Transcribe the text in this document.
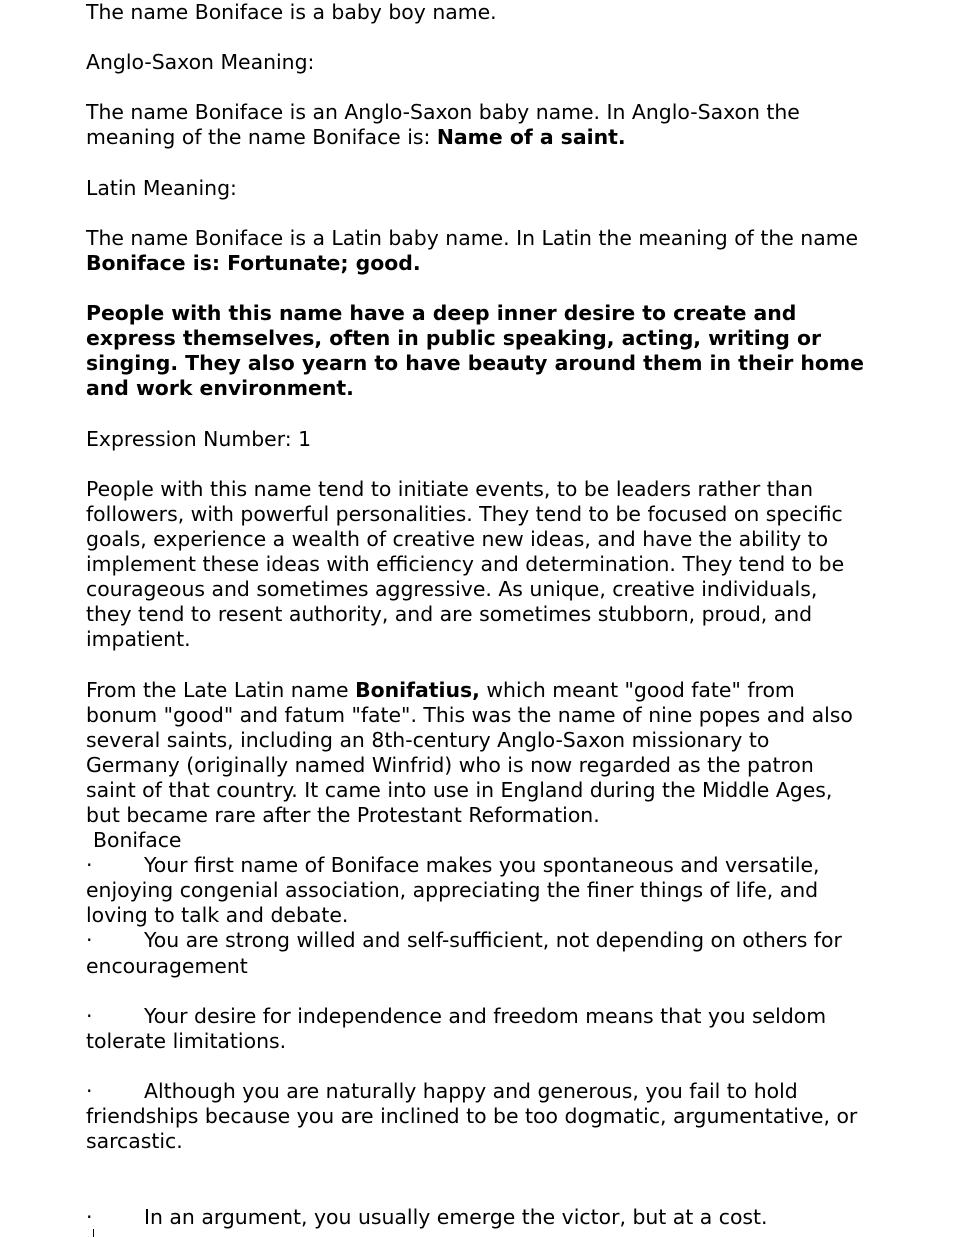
The name Boniface is a baby boy name.

Anglo-Saxon Meaning:

The name Boniface is an Anglo-Saxon baby name. In Anglo-Saxon the meaning of the name Boniface is: Name of a saint.

Latin Meaning:

The name Boniface is a Latin baby name. In Latin the meaning of the name Boniface is: Fortunate; good.

People with this name have a deep inner desire to create and express themselves, often in public speaking, acting, writing or singing. They also yearn to have beauty around them in their home and work environment.

Expression Number: 1

People with this name tend to initiate events, to be leaders rather than followers, with powerful personalities. They tend to be focused on specific goals, experience a wealth of creative new ideas, and have the ability to implement these ideas with efficiency and determination. They tend to be courageous and sometimes aggressive. As unique, creative individuals, they tend to resent authority, and are sometimes stubborn, proud, and impatient.

From the Late Latin name Bonifatius, which meant "good fate" from bonum "good" and fatum "fate". This was the name of nine popes and also several saints, including an 8th-century Anglo-Saxon missionary to Germany (originally named Winfrid) who is now regarded as the patron saint of that country. It came into use in England during the Middle Ages, but became rare after the Protestant Reformation.

Boniface

·	Your first name of Boniface makes you spontaneous and versatile, enjoying congenial association, appreciating the finer things of life, and loving to talk and debate.

·	You are strong willed and self-sufficient, not depending on others for encouragement

·	Your desire for independence and freedom means that you seldom tolerate limitations.

·	Although you are naturally happy and generous, you fail to hold friendships because you are inclined to be too dogmatic, argumentative, or sarcastic.

·	In an argument, you usually emerge the victor, but at a cost.
